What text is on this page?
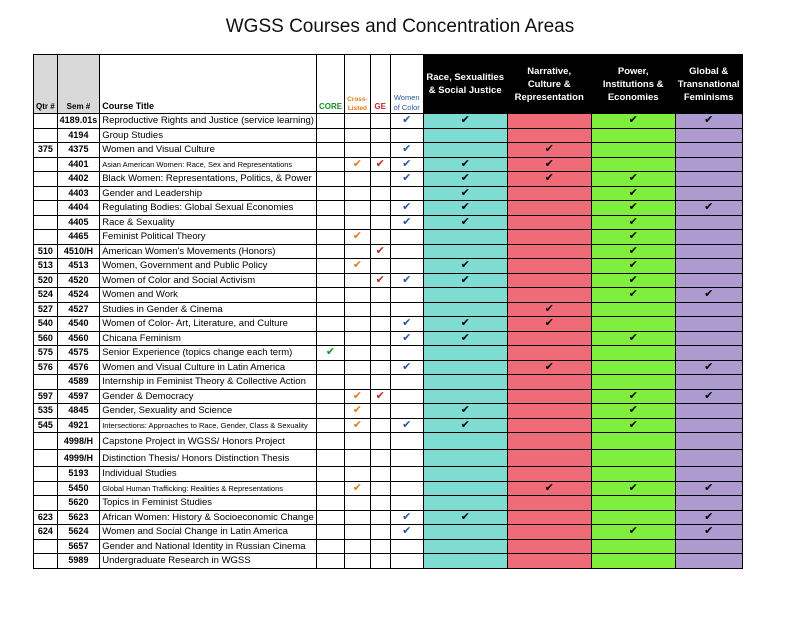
WGSS Courses and Concentration Areas
Qtr #	Sem #	Course Title	CORE	Cross-Listed	GE	Women of Color	Race, Sexualities & Social Justice	Narrative, Culture & Representation	Power, Institutions & Economies	Global & Transnational Feminisms
	4189.01s	Reproductive Rights and Justice (service learning)				✔	✔		✔	✔
	4194	Group Studies								
375	4375	Women and Visual Culture				✔		✔		
	4401	Asian American Women: Race, Sex and Representations		✔	✔	✔	✔	✔		
	4402	Black Women: Representations, Politics, & Power				✔	✔	✔	✔	
	4403	Gender and Leadership					✔		✔	
	4404	Regulating Bodies: Global Sexual Economies				✔	✔		✔	✔
	4405	Race & Sexuality				✔	✔		✔	
	4465	Feminist Political Theory		✔					✔	
510	4510/H	American Women's Movements (Honors)			✔				✔	
513	4513	Women, Government and Public Policy		✔			✔		✔	
520	4520	Women of Color and Social Activism			✔	✔	✔		✔	
524	4524	Women and Work							✔	✔
527	4527	Studies in Gender & Cinema						✔		
540	4540	Women of Color- Art, Literature, and Culture				✔	✔	✔		
560	4560	Chicana Feminism				✔	✔		✔	
575	4575	Senior Experience (topics change each term)	✔							
576	4576	Women and Visual Culture in Latin America				✔		✔		✔
	4589	Internship in Feminist Theory & Collective Action								
597	4597	Gender & Democracy		✔	✔				✔	✔
535	4845	Gender, Sexuality and Science		✔			✔		✔	
545	4921	Intersections: Approaches to Race, Gender, Class & Sexuality		✔		✔	✔		✔	
	4998/H	Capstone Project in WGSS/ Honors Project								
	4999/H	Distinction Thesis/ Honors Distinction Thesis								
	5193	Individual Studies								
	5450	Global Human Trafficking: Realities & Representations		✔				✔	✔	✔
	5620	Topics in Feminist Studies								
623	5623	African Women: History & Socioeconomic Change				✔	✔			✔
624	5624	Women and Social Change in Latin America				✔			✔	✔
	5657	Gender and National Identity in Russian Cinema								
	5989	Undergraduate Research in WGSS								
